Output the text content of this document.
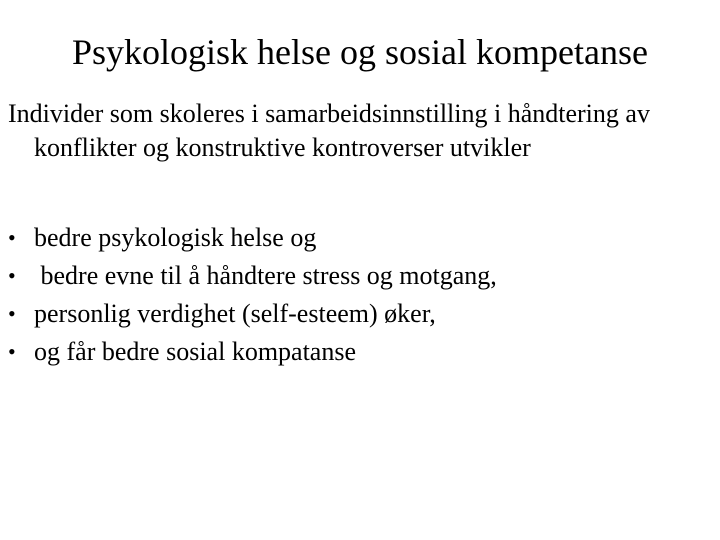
Psykologisk helse og sosial kompetanse

Individer som skoleres i samarbeidsinnstilling i håndtering av konflikter og konstruktive kontroverser utvikler

• bedre psykologisk helse og
• bedre evne til å håndtere stress og motgang,
• personlig verdighet (self-esteem) øker,
• og får bedre sosial kompatanse
